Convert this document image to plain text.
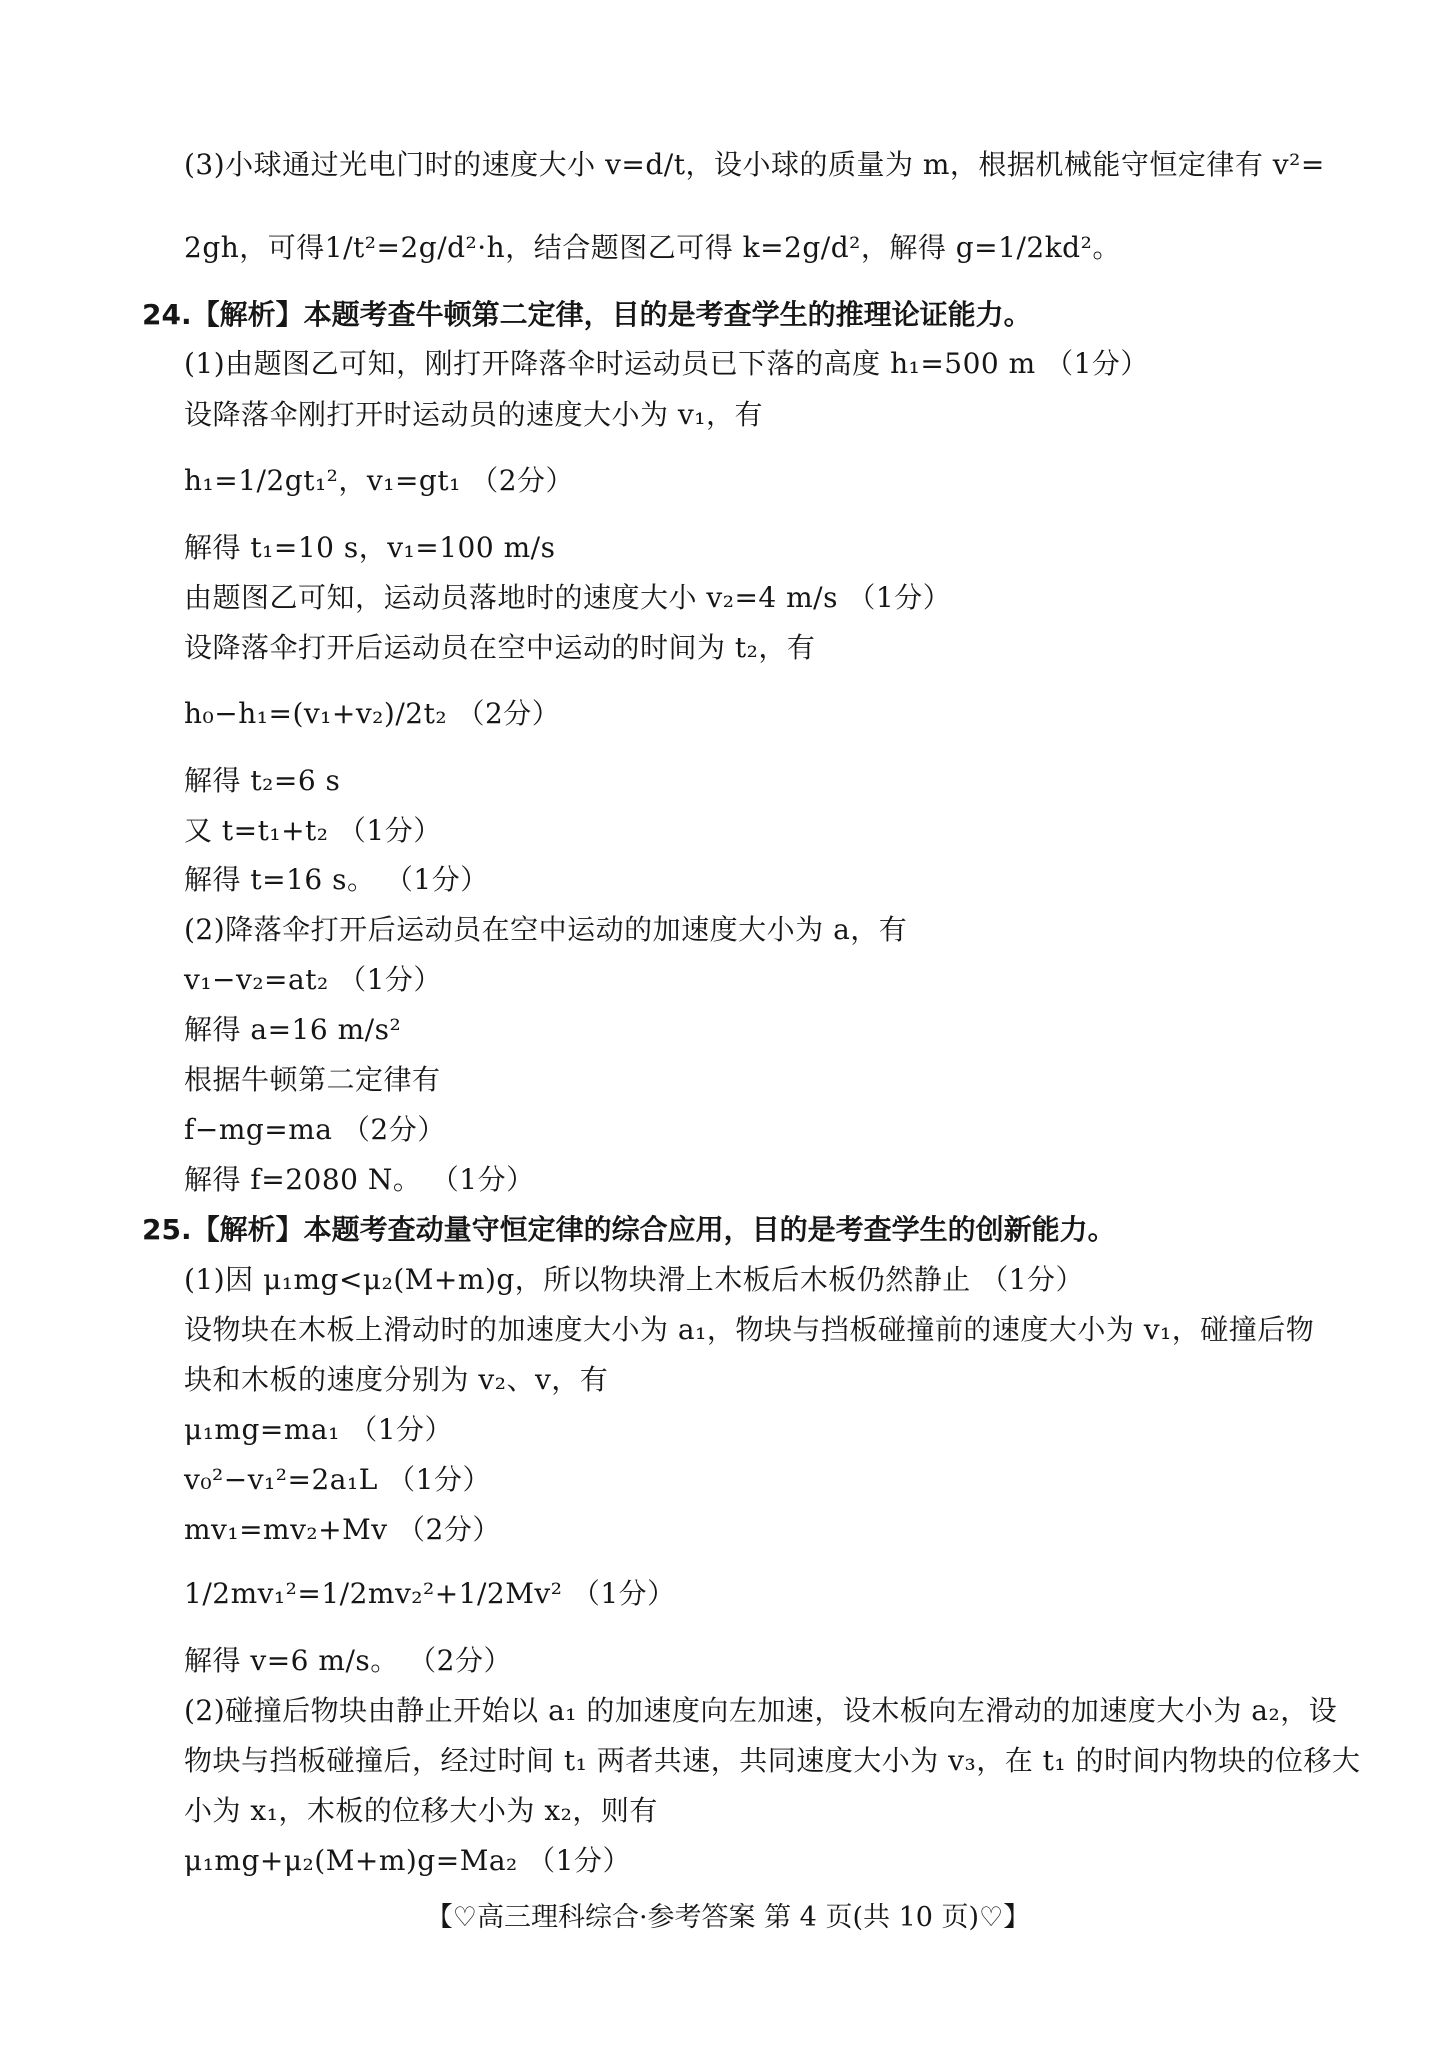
(3)小球通过光电门时的速度大小 v=d/t，设小球的质量为 m，根据机械能守恒定律有 v²=
2gh，可得1/t²=2g/d²·h，结合题图乙可得 k=2g/d²，解得 g=1/2kd²。
24.【解析】本题考查牛顿第二定律，目的是考查学生的推理论证能力。
(1)由题图乙可知，刚打开降落伞时运动员已下落的高度 h₁=500 m （1分）
设降落伞刚打开时运动员的速度大小为 v₁，有
h₁=1/2gt₁²，v₁=gt₁ （2分）
解得 t₁=10 s，v₁=100 m/s
由题图乙可知，运动员落地时的速度大小 v₂=4 m/s （1分）
设降落伞打开后运动员在空中运动的时间为 t₂，有
h₀−h₁=(v₁+v₂)/2t₂ （2分）
解得 t₂=6 s
又 t=t₁+t₂ （1分）
解得 t=16 s。 （1分）
(2)降落伞打开后运动员在空中运动的加速度大小为 a，有
v₁−v₂=at₂ （1分）
解得 a=16 m/s²
根据牛顿第二定律有
f−mg=ma （2分）
解得 f=2080 N。 （1分）
25.【解析】本题考查动量守恒定律的综合应用，目的是考查学生的创新能力。
(1)因 μ₁mg<μ₂(M+m)g，所以物块滑上木板后木板仍然静止 （1分）
设物块在木板上滑动时的加速度大小为 a₁，物块与挡板碰撞前的速度大小为 v₁，碰撞后物
块和木板的速度分别为 v₂、v，有
μ₁mg=ma₁ （1分）
v₀²−v₁²=2a₁L （1分）
mv₁=mv₂+Mv （2分）
1/2mv₁²=1/2mv₂²+1/2Mv² （1分）
解得 v=6 m/s。 （2分）
(2)碰撞后物块由静止开始以 a₁ 的加速度向左加速，设木板向左滑动的加速度大小为 a₂，设
物块与挡板碰撞后，经过时间 t₁ 两者共速，共同速度大小为 v₃，在 t₁ 的时间内物块的位移大
小为 x₁，木板的位移大小为 x₂，则有
μ₁mg+μ₂(M+m)g=Ma₂ （1分）
【♡高三理科综合·参考答案 第 4 页(共 10 页)♡】
